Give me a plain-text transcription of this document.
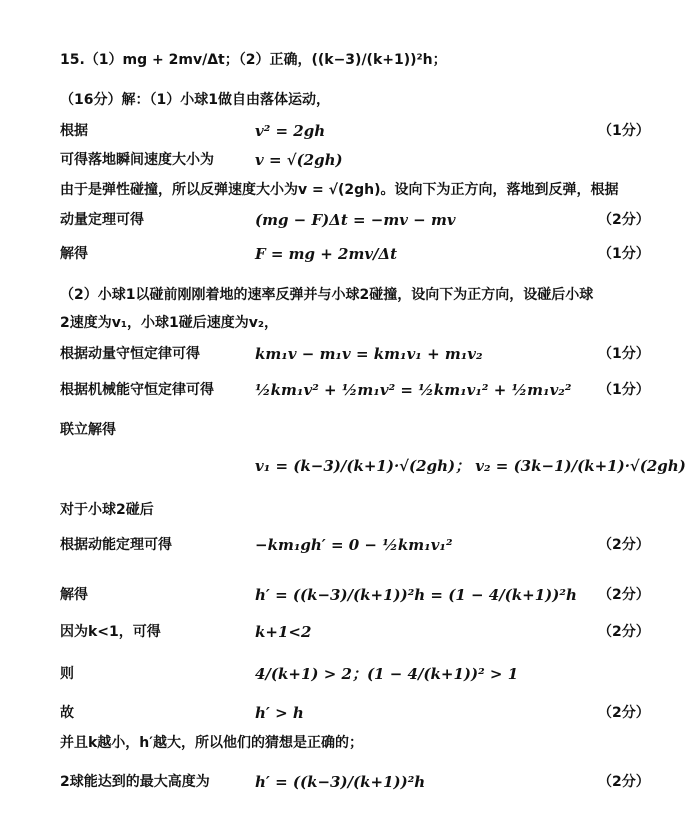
15.（1）mg + 2mv/Δt；（2）正确，((k−3)/(k+1))²h；
（16分）解：（1）小球1做自由落体运动，
根据	v² = 2gh	（1分）
可得落地瞬间速度大小为	v = √(2gh)
由于是弹性碰撞，所以反弹速度大小为v = √(2gh)。设向下为正方向，落地到反弹，根据
动量定理可得	(mg − F)Δt = −mv − mv	（2分）
解得	F = mg + 2mv/Δt	（1分）
（2）小球1以碰前刚刚着地的速率反弹并与小球2碰撞，设向下为正方向，设碰后小球
2速度为v₁，小球1碰后速度为v₂，
根据动量守恒定律可得	km₁v − m₁v = km₁v₁ + m₁v₂	（1分）
根据机械能守恒定律可得	½km₁v² + ½m₁v² = ½km₁v₁² + ½m₁v₂² （1分）
联立解得
v₁ = (k−3)/(k+1)·√(2gh)； v₂ = (3k−1)/(k+1)·√(2gh)
对于小球2碰后
根据动能定理可得	−km₁gh′ = 0 − ½km₁v₁²	（2分）
解得	h′ = ((k−3)/(k+1))²h = (1 − 4/(k+1))²h （2分）
因为k<1，可得	k+1<2	（2分）
则	4/(k+1) > 2；(1 − 4/(k+1))² > 1
故	h′ > h	（2分）
并且k越小，h′越大，所以他们的猜想是正确的；
2球能达到的最大高度为	h′ = ((k−3)/(k+1))²h	（2分）
